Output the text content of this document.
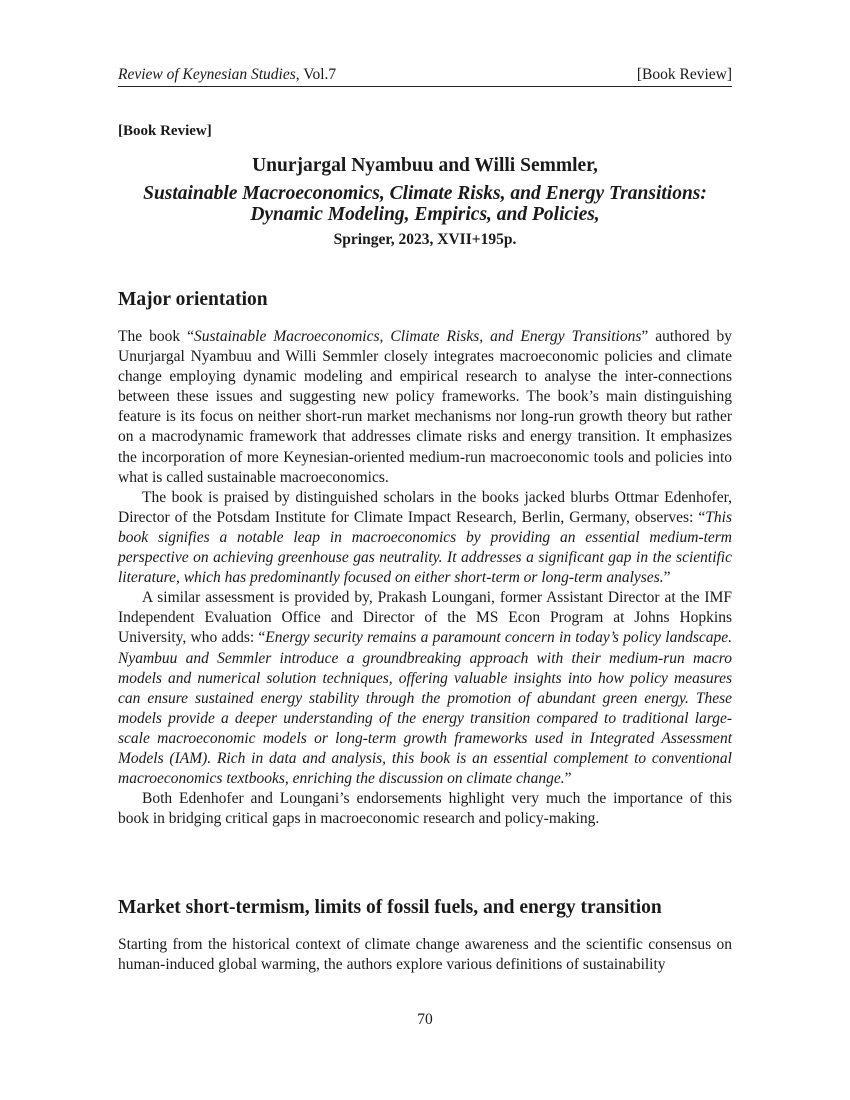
Review of Keynesian Studies, Vol.7	[Book Review]
[Book Review]
Unurjargal Nyambuu and Willi Semmler,
Sustainable Macroeconomics, Climate Risks, and Energy Transitions:
Dynamic Modeling, Empirics, and Policies,
Springer, 2023, XVII+195p.
Major orientation

The book “Sustainable Macroeconomics, Climate Risks, and Energy Transitions” authored by Unurjargal Nyambuu and Willi Semmler closely integrates macroeconomic policies and climate change employing dynamic modeling and empirical research to analyse the inter-connections between these issues and suggesting new policy frameworks. The book’s main distinguishing feature is its focus on neither short-run market mechanisms nor long-run growth theory but rather on a macrodynamic framework that addresses climate risks and energy transition. It emphasizes the incorporation of more Keynesian-oriented medium-run macroeconomic tools and policies into what is called sustainable macroeconomics.

The book is praised by distinguished scholars in the books jacked blurbs Ottmar Edenhofer, Director of the Potsdam Institute for Climate Impact Research, Berlin, Germany, observes: “This book signifies a notable leap in macroeconomics by providing an essential medium-term perspective on achieving greenhouse gas neutrality. It addresses a significant gap in the scientific literature, which has predominantly focused on either short-term or long-term analyses.”

A similar assessment is provided by, Prakash Loungani, former Assistant Director at the IMF Independent Evaluation Office and Director of the MS Econ Program at Johns Hopkins University, who adds: “Energy security remains a paramount concern in today’s policy landscape. Nyambuu and Semmler introduce a groundbreaking approach with their medium-run macro models and numerical solution techniques, offering valuable insights into how policy measures can ensure sustained energy stability through the promotion of abundant green energy. These models provide a deeper understanding of the energy transition compared to traditional large-scale macroeconomic models or long-term growth frameworks used in Integrated Assessment Models (IAM). Rich in data and analysis, this book is an essential complement to conventional macroeconomics textbooks, enriching the discussion on climate change.”

Both Edenhofer and Loungani’s endorsements highlight very much the importance of this book in bridging critical gaps in macroeconomic research and policy-making.

Market short-termism, limits of fossil fuels, and energy transition

Starting from the historical context of climate change awareness and the scientific consensus on human-induced global warming, the authors explore various definitions of sustainability

70
